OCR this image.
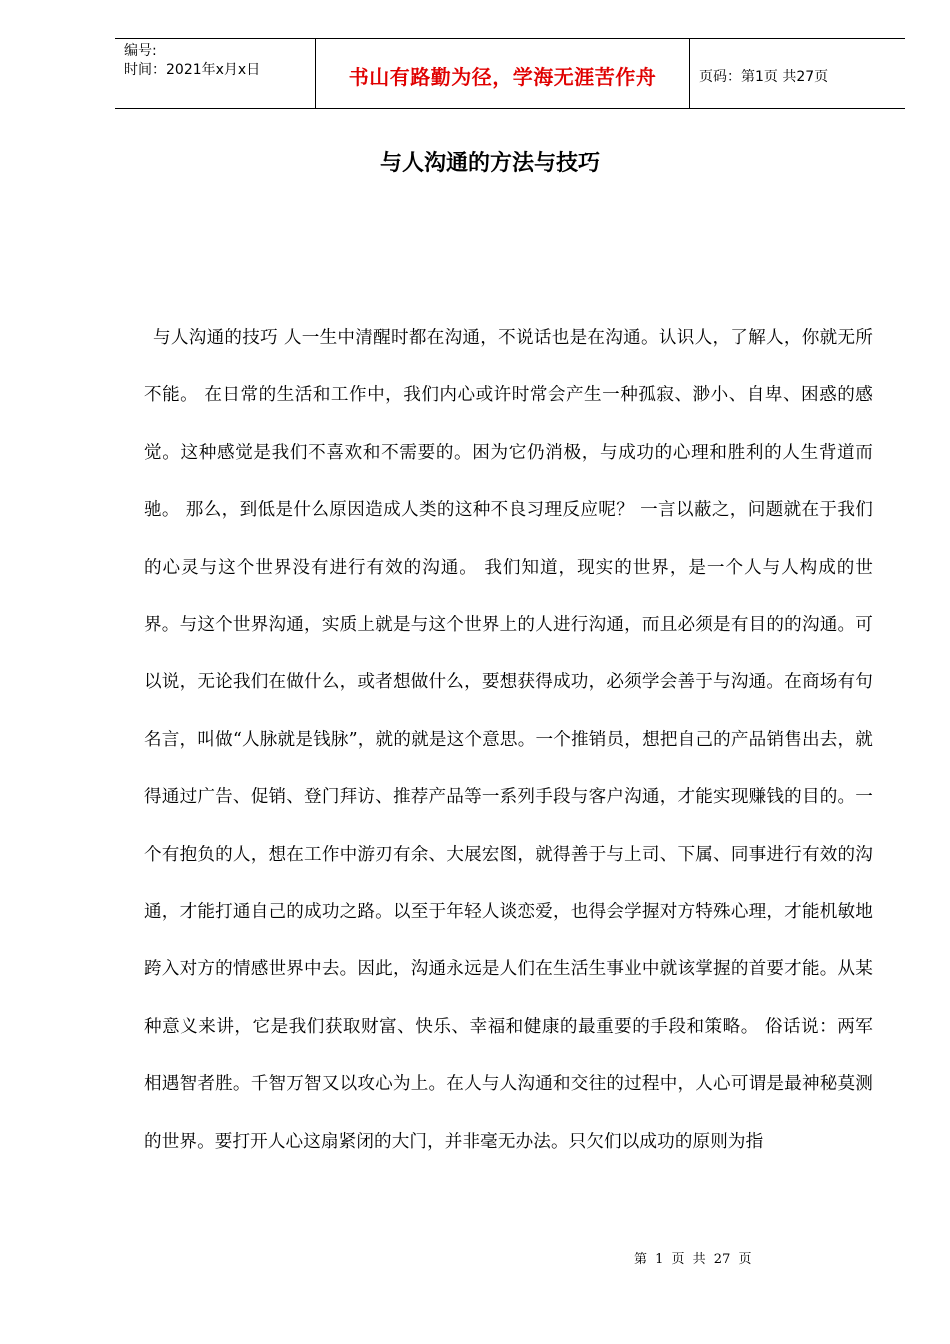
编号:
时间：2021年x月x日	书山有路勤为径，学海无涯苦作舟	页码：第1页 共27页
与人沟通的方法与技巧

与人沟通的技巧 人一生中清醒时都在沟通，不说话也是在沟通。认识人，了解人，你就无所不能。 在日常的生活和工作中，我们内心或许时常会产生一种孤寂、渺小、自卑、困惑的感觉。这种感觉是我们不喜欢和不需要的。困为它仍消极，与成功的心理和胜利的人生背道而驰。 那么，到低是什么原因造成人类的这种不良习理反应呢？ 一言以蔽之，问题就在于我们的心灵与这个世界没有进行有效的沟通。 我们知道，现实的世界，是一个人与人构成的世界。与这个世界沟通，实质上就是与这个世界上的人进行沟通，而且必须是有目的的沟通。可以说，无论我们在做什么，或者想做什么，要想获得成功，必须学会善于与沟通。在商场有句名言，叫做“人脉就是钱脉”，就的就是这个意思。一个推销员，想把自己的产品销售出去，就得通过广告、促销、登门拜访、推荐产品等一系列手段与客户沟通，才能实现赚钱的目的。一个有抱负的人，想在工作中游刃有余、大展宏图，就得善于与上司、下属、同事进行有效的沟通，才能打通自己的成功之路。以至于年轻人谈恋爱，也得会学握对方特殊心理，才能机敏地跨入对方的情感世界中去。因此，沟通永远是人们在生活生事业中就该掌握的首要才能。从某种意义来讲，它是我们获取财富、快乐、幸福和健康的最重要的手段和策略。 俗话说：两军相遇智者胜。千智万智又以攻心为上。在人与人沟通和交往的过程中，人心可谓是最神秘莫测的世界。要打开人心这扇紧闭的大门，并非毫无办法。只欠们以成功的原则为指

第 1 页 共 27 页
